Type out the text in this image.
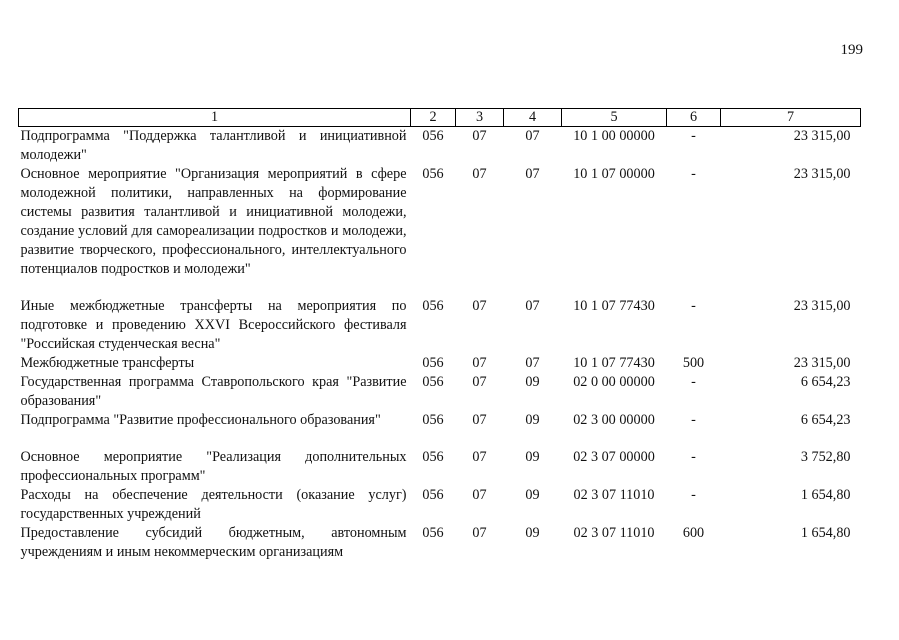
199
1	2	3	4	5	6	7
Подпрограмма "Поддержка талантливой и инициативной молодежи"	056	07	07	10 1 00 00000	-	23 315,00
Основное мероприятие "Организация мероприятий в сфере молодежной политики, направленных на формирование системы развития талантливой и инициативной молодежи, создание условий для самореализации подростков и молодежи, развитие творческого, профессионального, интеллектуального потенциалов подростков и молодежи"	056	07	07	10 1 07 00000	-	23 315,00

Иные межбюджетные трансферты на мероприятия по подготовке и проведению XXVI Всероссийского фестиваля "Российская студенческая весна"	056	07	07	10 1 07 77430	-	23 315,00
Межбюджетные трансферты	056	07	07	10 1 07 77430	500	23 315,00
Государственная программа Ставропольского края "Развитие образования"	056	07	09	02 0 00 00000	-	6 654,23
Подпрограмма "Развитие профессионального образования"	056	07	09	02 3 00 00000	-	6 654,23

Основное мероприятие "Реализация дополнительных профессиональных программ"	056	07	09	02 3 07 00000	-	3 752,80
Расходы на обеспечение деятельности (оказание услуг) государственных учреждений	056	07	09	02 3 07 11010	-	1 654,80
Предоставление субсидий бюджетным, автономным учреждениям и иным некоммерческим организациям	056	07	09	02 3 07 11010	600	1 654,80
